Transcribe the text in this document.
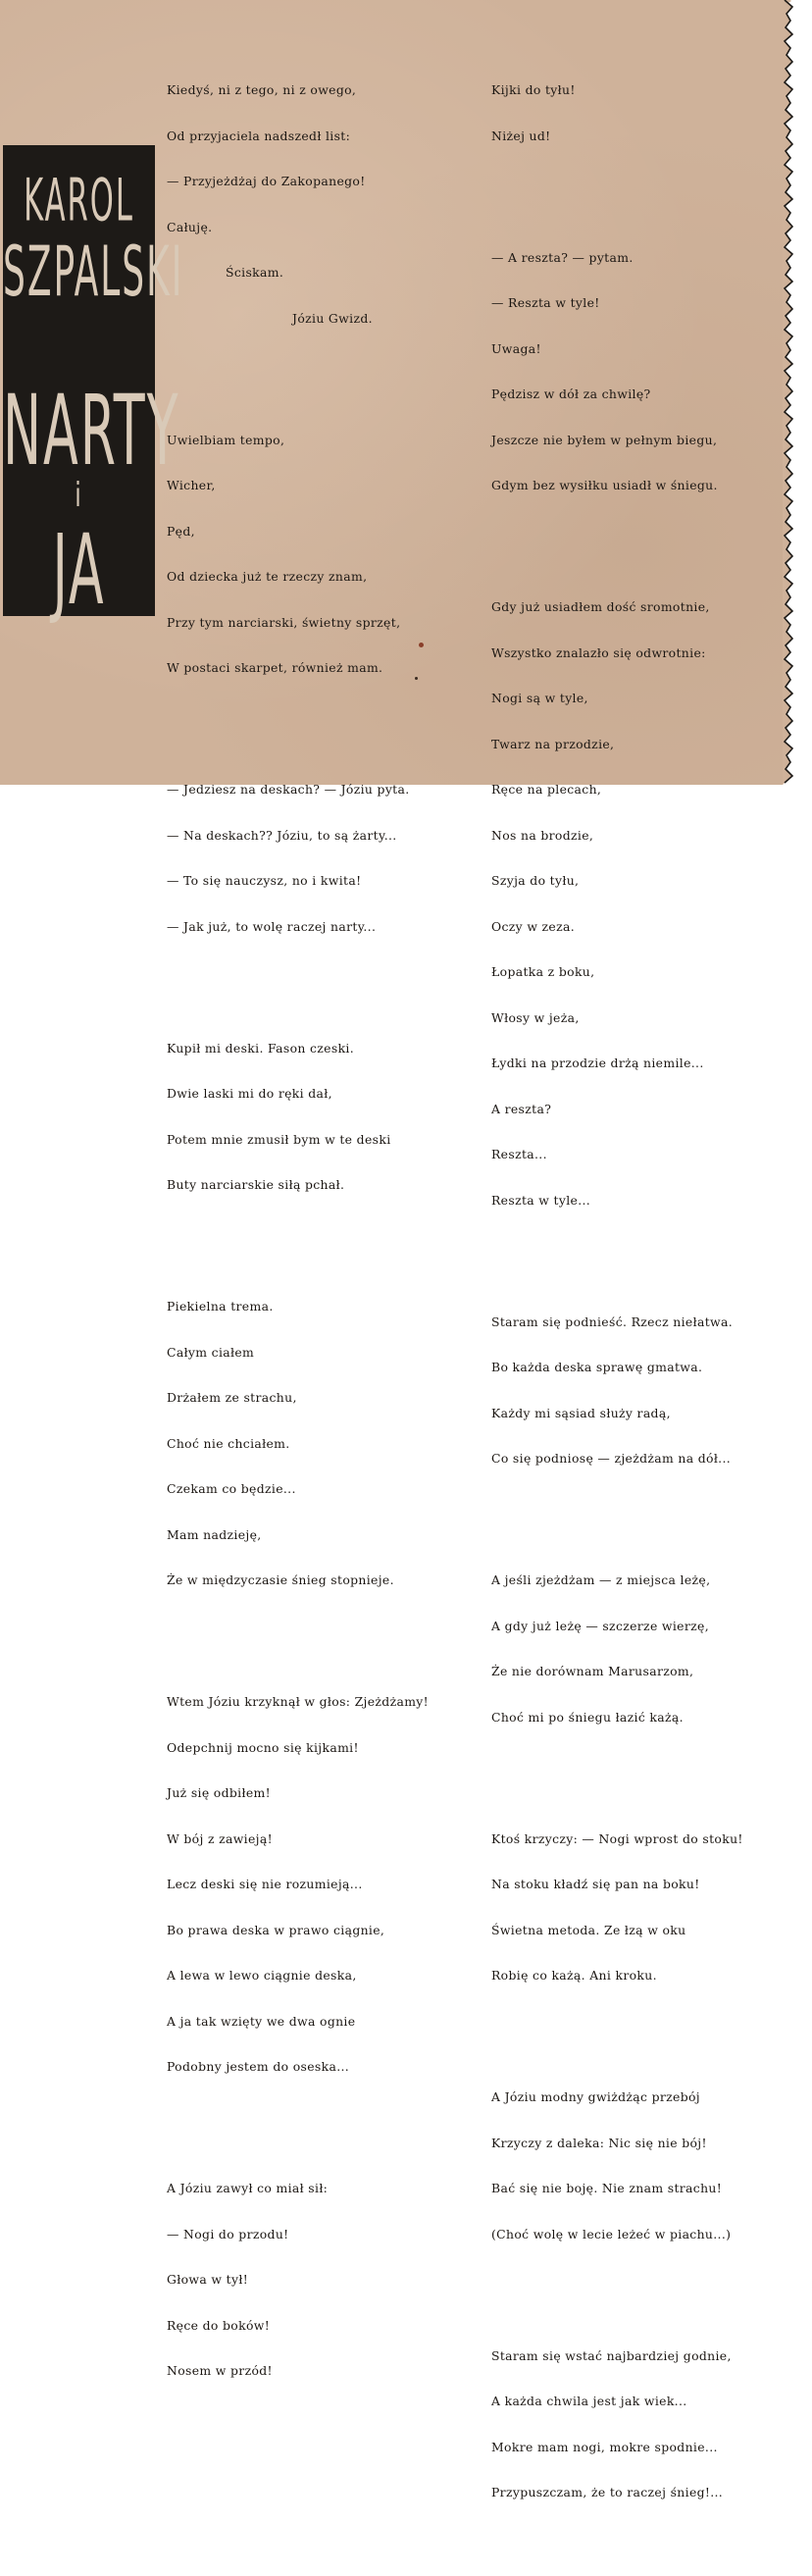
KAROL
SZPALSKI
NARTY
i
JA

Kiedyś, ni z tego, ni z owego,

Od przyjaciela nadszedł list:

— Przyjeżdżaj do Zakopanego!

Całuję.

Ściskam.

Józiu Gwizd.

Uwielbiam tempo,

Wicher,

Pęd,

Od dziecka już te rzeczy znam,

Przy tym narciarski, świetny sprzęt,

W postaci skarpet, również mam.

— Jedziesz na deskach? — Józiu pyta.

— Na deskach?? Józiu, to są żarty...

— To się nauczysz, no i kwita!

— Jak już, to wolę raczej narty...

Kupił mi deski. Fason czeski.

Dwie laski mi do ręki dał,

Potem mnie zmusił bym w te deski

Buty narciarskie siłą pchał.

Piekielna trema.

Całym ciałem

Drżałem ze strachu,

Choć nie chciałem.

Czekam co będzie...

Mam nadzieję,

Że w międzyczasie śnieg stopnieje.

Wtem Józiu krzyknął w głos: Zjeżdżamy!

Odepchnij mocno się kijkami!

Już się odbiłem!

W bój z zawieją!

Lecz deski się nie rozumieją...

Bo prawa deska w prawo ciągnie,

A lewa w lewo ciągnie deska,

A ja tak wzięty we dwa ognie

Podobny jestem do oseska...

A Józiu zawył co miał sił:

— Nogi do przodu!

Głowa w tył!

Ręce do boków!

Nosem w przód!

Kijki do tyłu!

Niżej ud!

— A reszta? — pytam.

— Reszta w tyle!

Uwaga!

Pędzisz w dół za chwilę?

Jeszcze nie byłem w pełnym biegu,

Gdym bez wysiłku usiadł w śniegu.

Gdy już usiadłem dość sromotnie,

Wszystko znalazło się odwrotnie:

Nogi są w tyle,

Twarz na przodzie,

Ręce na plecach,

Nos na brodzie,

Szyja do tyłu,

Oczy w zeza.

Łopatka z boku,

Włosy w jeża,

Łydki na przodzie drżą niemile...

A reszta?

Reszta...

Reszta w tyle...

Staram się podnieść. Rzecz niełatwa.

Bo każda deska sprawę gmatwa.

Każdy mi sąsiad służy radą,

Co się podniosę — zjeżdżam na dół...

A jeśli zjeżdżam — z miejsca leżę,

A gdy już leżę — szczerze wierzę,

Że nie dorównam Marusarzom,

Choć mi po śniegu łazić każą.

Ktoś krzyczy: — Nogi wprost do stoku!

Na stoku kładź się pan na boku!

Świetna metoda. Ze łzą w oku

Robię co każą. Ani kroku.

A Józiu modny gwiżdżąc przebój

Krzyczy z daleka: Nic się nie bój!

Bać się nie boję. Nie znam strachu!

(Choć wolę w lecie leżeć w piachu...)

Staram się wstać najbardziej godnie,

A każda chwila jest jak wiek...

Mokre mam nogi, mokre spodnie...

Przypuszczam, że to raczej śnieg!...
